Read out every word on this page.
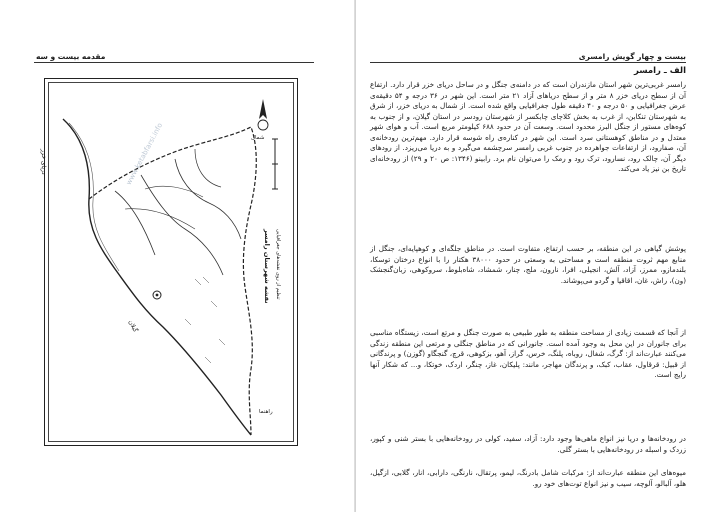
مقدمه بیست و سه
دریای خزر
شمال
گیلان
نقشه شهرستان رامسر تنظیم از روی نقشه‌های جغرافیایی
راهنما
www.ketabfarsi.info
بیست و چهار گویش رامسری
الف ـ رامسر
رامسر غربی‌ترین شهر استان مازندران است که در دامنه‌ی جنگل و در ساحل دریای خزر قرار دارد. ارتفاع آن از سطح دریای خزر ۸ متر و از سطح دریاهای آزاد ۲۱ متر است. این شهر در ۳۶ درجه و ۵۴ دقیقه‌ی عرض جغرافیایی و ۵۰ درجه و ۴۰ دقیقه طول جغرافیایی واقع شده است. از شمال به دریای خزر، از شرق به شهرستان تنکابن، از غرب به بخش کلاچای چابکسر از شهرستان رودسر در استان گیلان، و از جنوب به کوه‌های مستور از جنگل البرز محدود است. وسعت آن در حدود ۶۸۸ کیلومتر مربع است. آب و هوای شهر معتدل و در مناطق کوهستانی سرد است. این شهر در کناره‌ی راه شوسه قرار دارد. مهم‌ترین رودخانه‌ی آن، صفارود، از ارتفاعات جواهرده در جنوب غربی رامسر سرچشمه می‌گیرد و به دریا می‌ریزد. از رودهای دیگر آن، چالک رود، نسارود، ترک رود و رمک را می‌توان نام برد. رابینو (۱۳۴۶: ص ۲۰ و ۲۹) از رودخانه‌ای تاریخ بن نیز یاد می‌کند.
پوشش گیاهی در این منطقه، بر حسب ارتفاع، متفاوت است. در مناطق جلگه‌ای و کوهپایه‌ای، جنگل از منابع مهم ثروت منطقه است و مساحتی به وسعتی در حدود ۳۸۰۰۰ هکتار را با انواع درختان توسکا، بلندمازو، ممرز، آزاد، آلش، انجیلی، افرا، نارون، ملج، چنار، شمشاد، شاه‌بلوط، سرو‌کوهی، زبان‌گنجشک (ون)، راش، غان، اقاقیا و گردو می‌پوشاند.
از آنجا که قسمت زیادی از مساحت منطقه به طور طبیعی به صورت جنگل و مرتع است، زیستگاه مناسبی برای جانوران در این محل به وجود آمده است. جانورانی که در مناطق جنگلی و مرتعی این منطقه زندگی می‌کنند عبارت‌اند از: گرگ، شغال، روباه، پلنگ، خرس، گراز، آهو، بزکوهی، قرچ، گنجگاو (گوزن) و پرندگانی از قبیل: قرقاول، عقاب، کبک، و پرندگان مهاجر، مانند: پلیکان، غاز، چنگر، اردک، خوتکا، و... که شکار آنها رایج است.
در رودخانه‌ها و دریا نیز انواع ماهی‌ها وجود دارد: آزاد، سفید، کولی در رودخانه‌هایی با بستر شنی و کپور، زردک و اسبله در رودخانه‌هایی با بستر گلی.
میوه‌های این منطقه عبارت‌اند از: مرکبات شامل بادرنگ، لیمو، پرتقال، نارنگی، دارابی، انار، گلابی، ازگیل، هلو، آلبالو، آلوچه، سیب و نیز انواع توت‌های خود رو.
